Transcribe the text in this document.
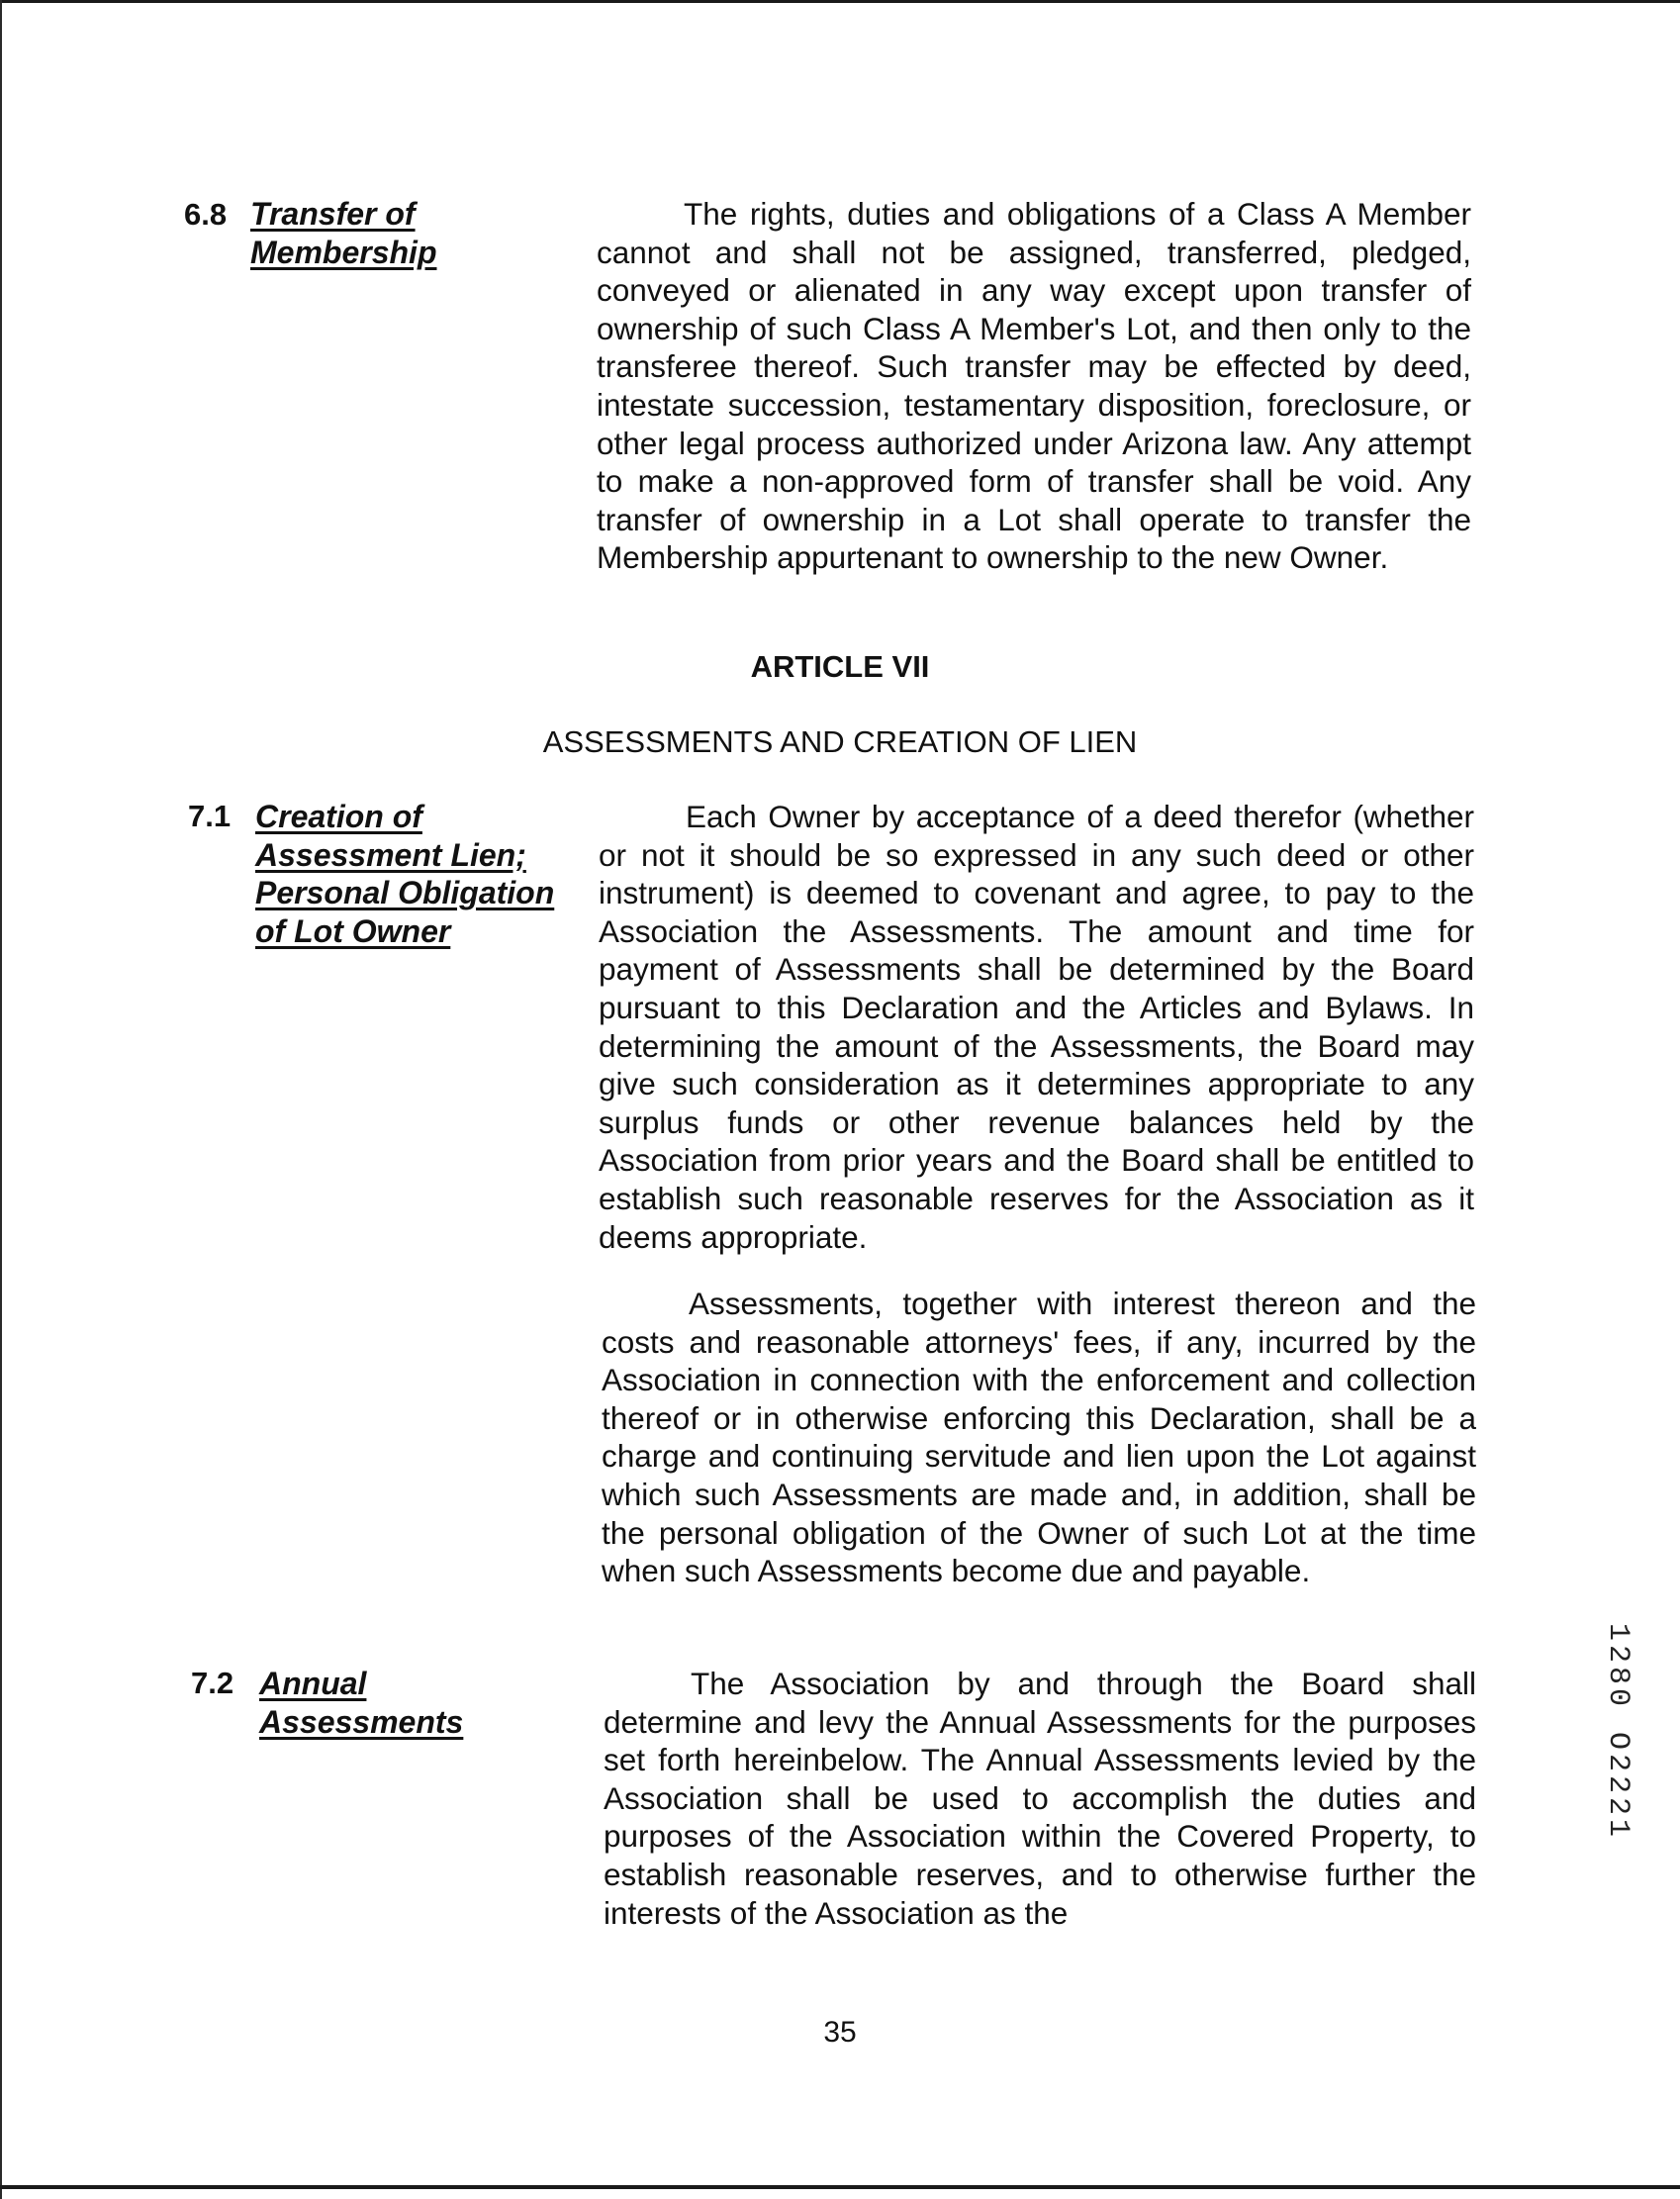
6.8 Transfer of
Membership
The rights, duties and obligations of a Class A Member cannot and shall not be assigned, transferred, pledged, conveyed or alienated in any way except upon transfer of ownership of such Class A Member's Lot, and then only to the transferee thereof. Such transfer may be effected by deed, intestate succession, testamentary disposition, foreclosure, or other legal process authorized under Arizona law. Any attempt to make a non-approved form of transfer shall be void. Any transfer of ownership in a Lot shall operate to transfer the Membership appurtenant to ownership to the new Owner.
ARTICLE VII
ASSESSMENTS AND CREATION OF LIEN
7.1 Creation of
Assessment Lien;
Personal Obligation
of Lot Owner
Each Owner by acceptance of a deed therefor (whether or not it should be so expressed in any such deed or other instrument) is deemed to covenant and agree, to pay to the Association the Assessments. The amount and time for payment of Assessments shall be determined by the Board pursuant to this Declaration and the Articles and Bylaws. In determining the amount of the Assessments, the Board may give such consideration as it determines appropriate to any surplus funds or other revenue balances held by the Association from prior years and the Board shall be entitled to establish such reasonable reserves for the Association as it deems appropriate.
Assessments, together with interest thereon and the costs and reasonable attorneys' fees, if any, incurred by the Association in connection with the enforcement and collection thereof or in otherwise enforcing this Declaration, shall be a charge and continuing servitude and lien upon the Lot against which such Assessments are made and, in addition, shall be the personal obligation of the Owner of such Lot at the time when such Assessments become due and payable.
7.2 Annual
Assessments
The Association by and through the Board shall determine and levy the Annual Assessments for the purposes set forth hereinbelow. The Annual Assessments levied by the Association shall be used to accomplish the duties and purposes of the Association within the Covered Property, to establish reasonable reserves, and to otherwise further the interests of the Association as the
35
1280 O2221
